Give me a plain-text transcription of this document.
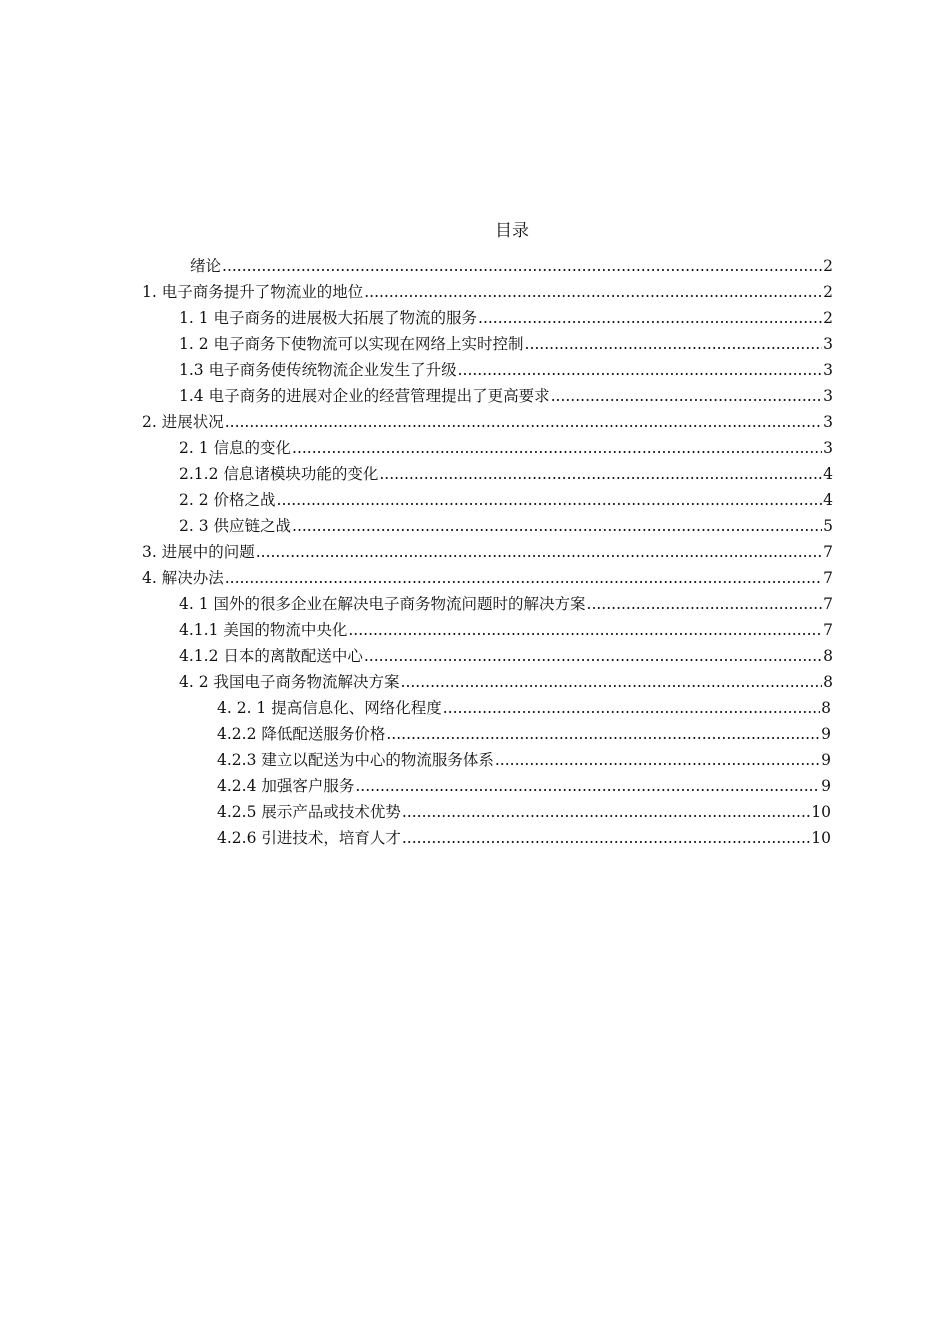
目录
绪论 .....	2
1. 电子商务提升了物流业的地位 .....	2
1. 1 电子商务的进展极大拓展了物流的服务 .....	2
1. 2 电子商务下使物流可以实现在网络上实时控制 .....	3
1.3 电子商务使传统物流企业发生了升级 .....	3
1.4 电子商务的进展对企业的经营管理提出了更高要求 .....	3
2. 进展状况 .....	3
2. 1 信息的变化 .....	3
2.1.2 信息诸模块功能的变化 .....	4
2. 2 价格之战 .....	4
2. 3 供应链之战 .....	5
3. 进展中的问题 .....	7
4. 解决办法 .....	7
4. 1 国外的很多企业在解决电子商务物流问题时的解决方案 .....	7
4.1.1 美国的物流中央化 .....	7
4.1.2 日本的离散配送中心 .....	8
4. 2 我国电子商务物流解决方案 .....	8
4. 2. 1 提高信息化、网络化程度 .....	8
4.2.2 降低配送服务价格 .....	9
4.2.3 建立以配送为中心的物流服务体系 .....	9
4.2.4 加强客户服务 .....	9
4.2.5 展示产品或技术优势 .....	10
4.2.6 引进技术，培育人才 .....	10
